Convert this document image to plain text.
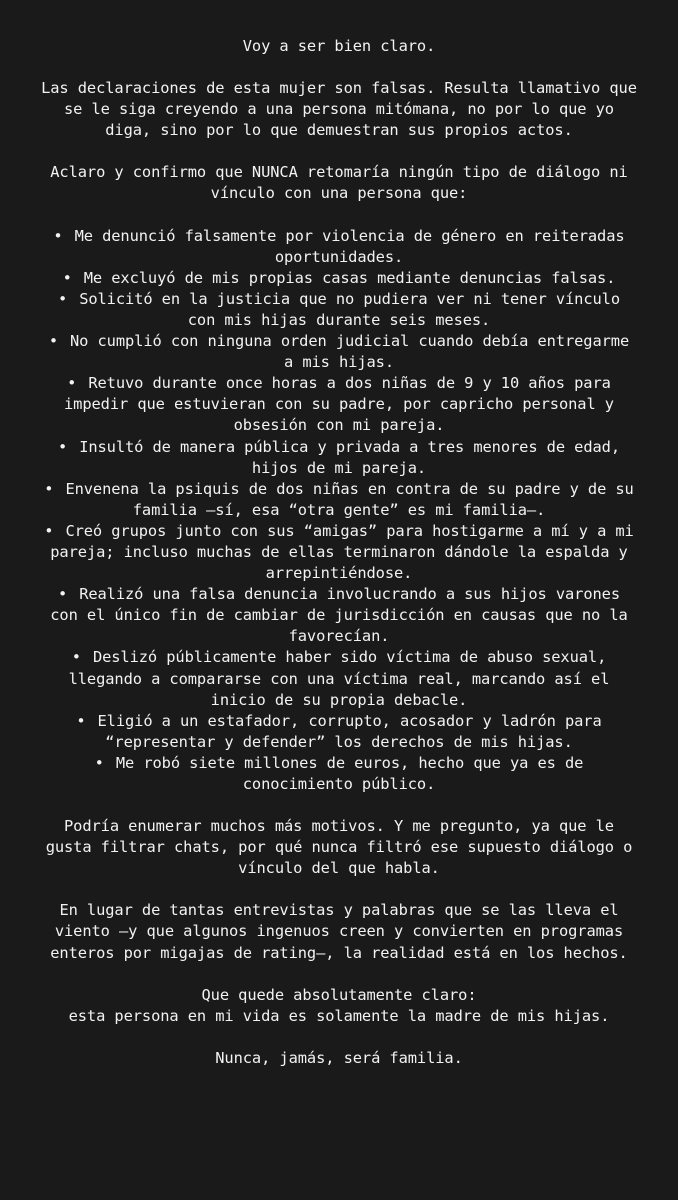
Voy a ser bien claro.

Las declaraciones de esta mujer son falsas. Resulta llamativo que se le siga creyendo a una persona mitómana, no por lo que yo diga, sino por lo que demuestran sus propios actos.

Aclaro y confirmo que NUNCA retomaría ningún tipo de diálogo ni vínculo con una persona que:

• Me denunció falsamente por violencia de género en reiteradas oportunidades.
• Me excluyó de mis propias casas mediante denuncias falsas.
• Solicitó en la justicia que no pudiera ver ni tener vínculo con mis hijas durante seis meses.
• No cumplió con ninguna orden judicial cuando debía entregarme a mis hijas.
• Retuvo durante once horas a dos niñas de 9 y 10 años para impedir que estuvieran con su padre, por capricho personal y obsesión con mi pareja.
• Insultó de manera pública y privada a tres menores de edad, hijos de mi pareja.
• Envenena la psiquis de dos niñas en contra de su padre y de su familia —sí, esa “otra gente” es mi familia—.
• Creó grupos junto con sus “amigas” para hostigarme a mí y a mi pareja; incluso muchas de ellas terminaron dándole la espalda y arrepintiéndose.
• Realizó una falsa denuncia involucrando a sus hijos varones con el único fin de cambiar de jurisdicción en causas que no la favorecían.
• Deslizó públicamente haber sido víctima de abuso sexual, llegando a compararse con una víctima real, marcando así el inicio de su propia debacle.
• Eligió a un estafador, corrupto, acosador y ladrón para “representar y defender” los derechos de mis hijas.
• Me robó siete millones de euros, hecho que ya es de conocimiento público.

Podría enumerar muchos más motivos. Y me pregunto, ya que le gusta filtrar chats, por qué nunca filtró ese supuesto diálogo o vínculo del que habla.

En lugar de tantas entrevistas y palabras que se las lleva el viento —y que algunos ingenuos creen y convierten en programas enteros por migajas de rating—, la realidad está en los hechos.

Que quede absolutamente claro:
esta persona en mi vida es solamente la madre de mis hijas.

Nunca, jamás, será familia.
